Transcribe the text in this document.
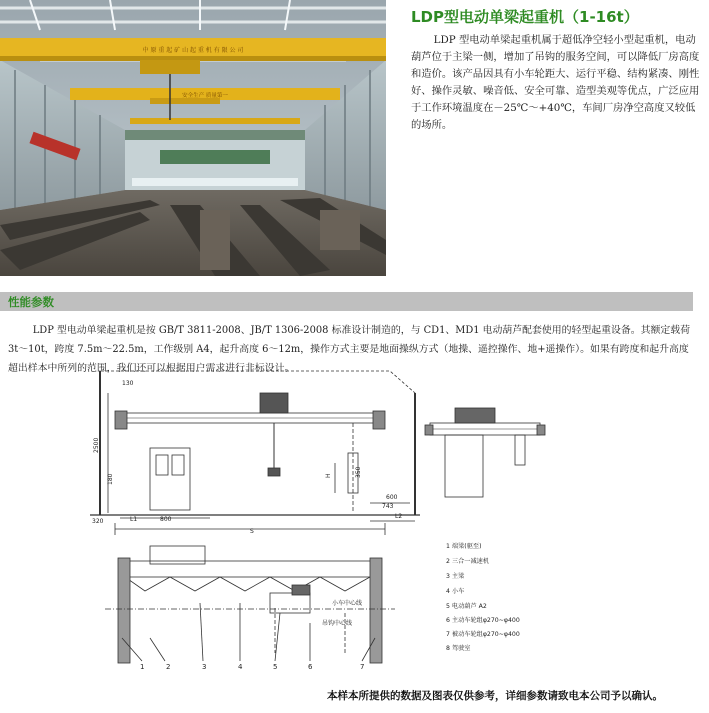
中 原 重 起 矿 山 起 重 机 有 限 公 司
安全生产 质量第一
LDP型电动单梁起重机（1-16t）
LDP 型电动单梁起重机属于超低净空轻小型起重机，电动葫芦位于主梁一侧，增加了吊钩的服务空间，可以降低厂房高度和造价。该产品因具有小车轮距大、运行平稳、结构紧凑、刚性好、操作灵敏、噪音低、安全可靠、造型美观等优点，广泛应用于工作环境温度在－25℃～+40℃，车间厂房净空高度又较低的场所。
性能参数
LDP 型电动单梁起重机是按 GB/T 3811-2008、JB/T 1306-2008 标准设计制造的，与 CD1、MD1 电动葫芦配套使用的轻型起重设备。其额定载荷 3t～10t，跨度 7.5m～22.5m，工作级别 A4，起升高度 6～12m，操作方式主要是地面操纵方式（地操、遥控操作、地+遥操作）。如果有跨度和起升高度超出样本中所列的范围，我们还可以根据用户需求进行非标设计。
130
2500
320	800
L1
S
H	350
600
L2
743
180
吊钩中心线
小车中心线
1	2	3	4	5	6	7
1 端梁(驱至)
2 三合一减速机
3 主梁
4 小车
5 电动葫芦 A2
6 主动车轮组φ270~φ400
7 被动车轮组φ270~φ400
8 驾驶室
本样本所提供的数据及图表仅供参考，详细参数请致电本公司予以确认。
